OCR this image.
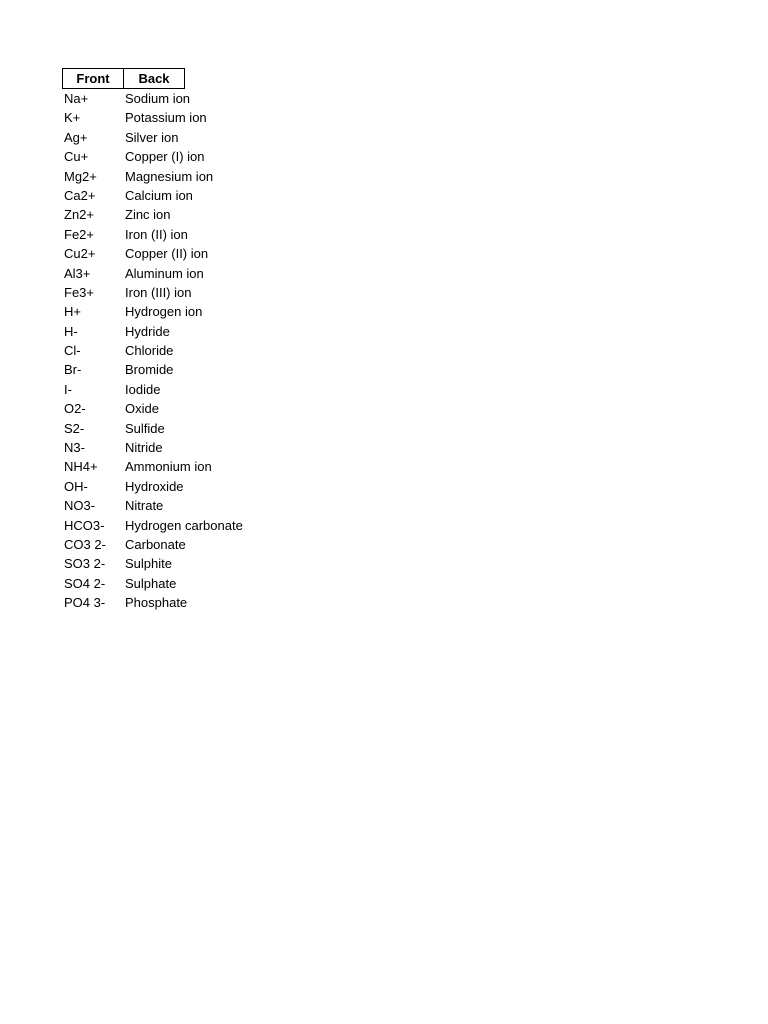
Front	Back
Na+	Sodium ion
K+	Potassium ion
Ag+	Silver ion
Cu+	Copper (I) ion
Mg2+	Magnesium ion
Ca2+	Calcium ion
Zn2+	Zinc ion
Fe2+	Iron (II) ion
Cu2+	Copper (II) ion
Al3+	Aluminum ion
Fe3+	Iron (III) ion
H+	Hydrogen ion
H-	Hydride
Cl-	Chloride
Br-	Bromide
I-	Iodide
O2-	Oxide
S2-	Sulfide
N3-	Nitride
NH4+	Ammonium ion
OH-	Hydroxide
NO3-	Nitrate
HCO3-	Hydrogen carbonate
CO3 2-	Carbonate
SO3 2-	Sulphite
SO4 2-	Sulphate
PO4 3-	Phosphate
